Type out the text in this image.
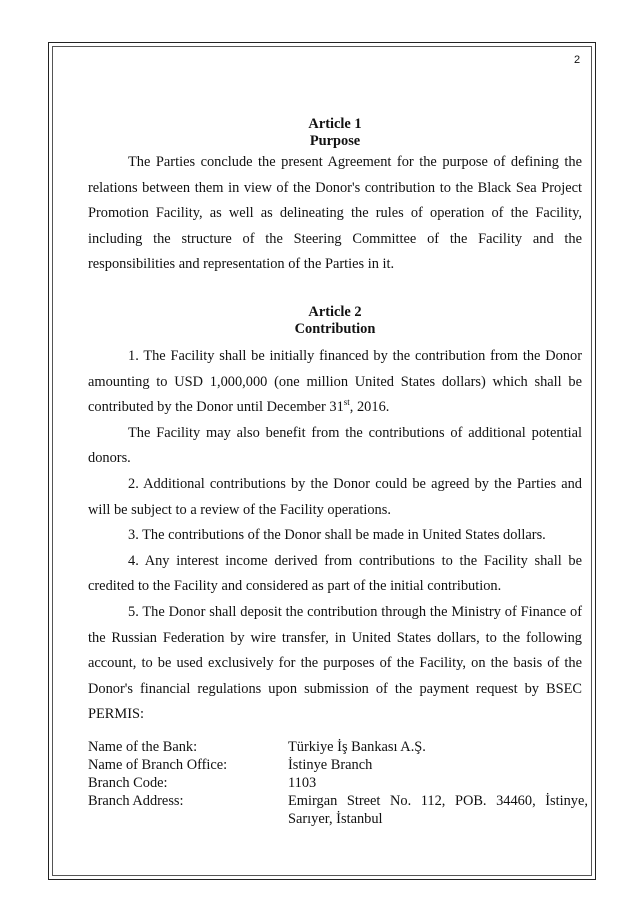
2
Article 1
Purpose

The Parties conclude the present Agreement for the purpose of defining the relations between them in view of the Donor's contribution to the Black Sea Project Promotion Facility, as well as delineating the rules of operation of the Facility, including the structure of the Steering Committee of the Facility and the responsibilities and representation of the Parties in it.

Article 2
Contribution

1. The Facility shall be initially financed by the contribution from the Donor amounting to USD 1,000,000 (one million United States dollars) which shall be contributed by the Donor until December 31st, 2016.

The Facility may also benefit from the contributions of additional potential donors.

2. Additional contributions by the Donor could be agreed by the Parties and will be subject to a review of the Facility operations.

3. The contributions of the Donor shall be made in United States dollars.

4. Any interest income derived from contributions to the Facility shall be credited to the Facility and considered as part of the initial contribution.

5. The Donor shall deposit the contribution through the Ministry of Finance of the Russian Federation by wire transfer, in United States dollars, to the following account, to be used exclusively for the purposes of the Facility, on the basis of the Donor's financial regulations upon submission of the payment request by BSEC PERMIS:

Name of the Bank:	Türkiye İş Bankası A.Ş.
Name of Branch Office:	İstinye Branch
Branch Code:	1103
Branch Address:	Emirgan Street No. 112, POB. 34460, İstinye, Sarıyer, İstanbul
